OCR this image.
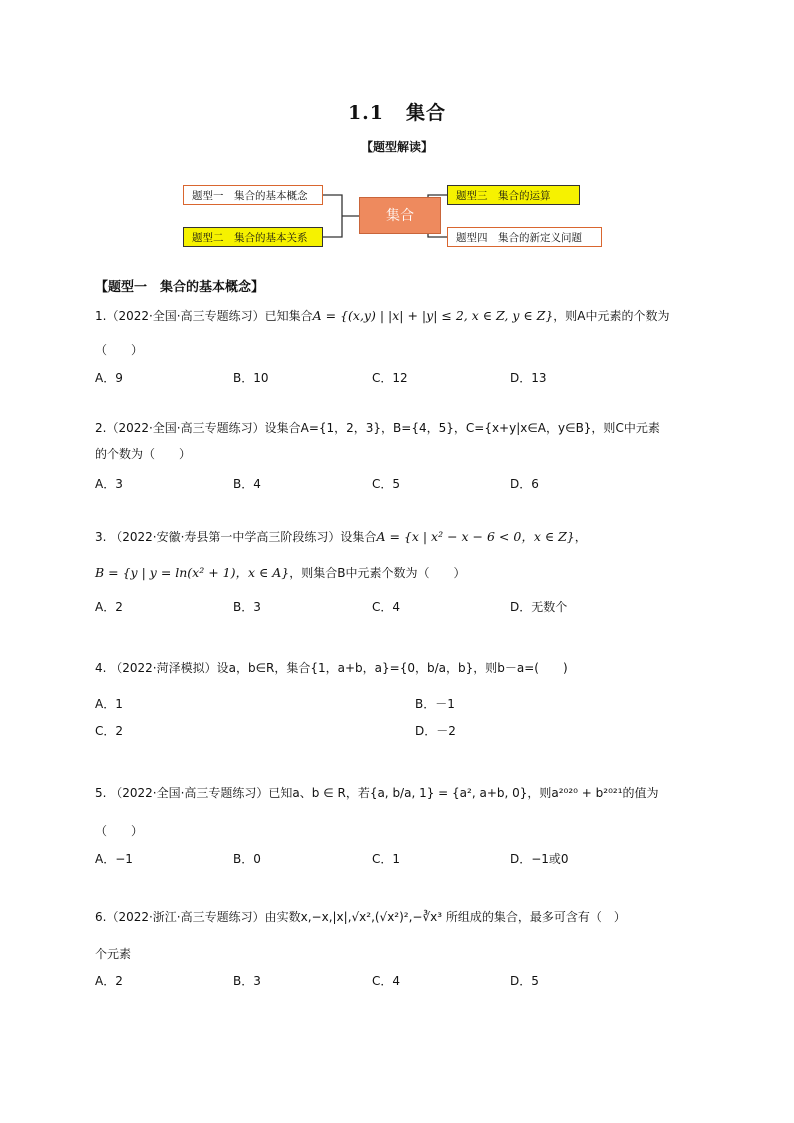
1.1 集合
【题型解读】
题型一　集合的基本概念
题型二　集合的基本关系
集合
题型三　集合的运算
题型四　集合的新定义问题
【题型一　集合的基本概念】
1.（2022·全国·高三专题练习）已知集合A = {(x,y) | |x| + |y| ≤ 2, x ∈ Z, y ∈ Z}，则A中元素的个数为
（　　）
A．9	B．10	C．12	D．13
2.（2022·全国·高三专题练习）设集合A={1，2，3}，B={4，5}，C={x+y|x∈A，y∈B}，则C中元素
的个数为（　　）
A．3	B．4	C．5	D．6
3. （2022·安徽·寿县第一中学高三阶段练习）设集合A = {x | x² − x − 6 < 0，x ∈ Z}，
B = {y | y = ln(x² + 1)，x ∈ A}，则集合B中元素个数为（　　）
A．2	B．3	C．4	D．无数个
4. （2022·菏泽模拟）设a，b∈R，集合{1，a+b，a}={0，b/a，b}，则b－a=(　　)
A．1	B．－1
C．2	D．－2
5. （2022·全国·高三专题练习）已知a、b ∈ R，若{a, b/a, 1} = {a², a+b, 0}，则a²⁰²⁰ + b²⁰²¹的值为
（　　）
A．−1	B．0	C．1	D．−1或0
6.（2022·浙江·高三专题练习）由实数x,−x,|x|,√x²,(√x²)²,−∛x³ 所组成的集合，最多可含有（　）
个元素
A．2	B．3	C．4	D．5
